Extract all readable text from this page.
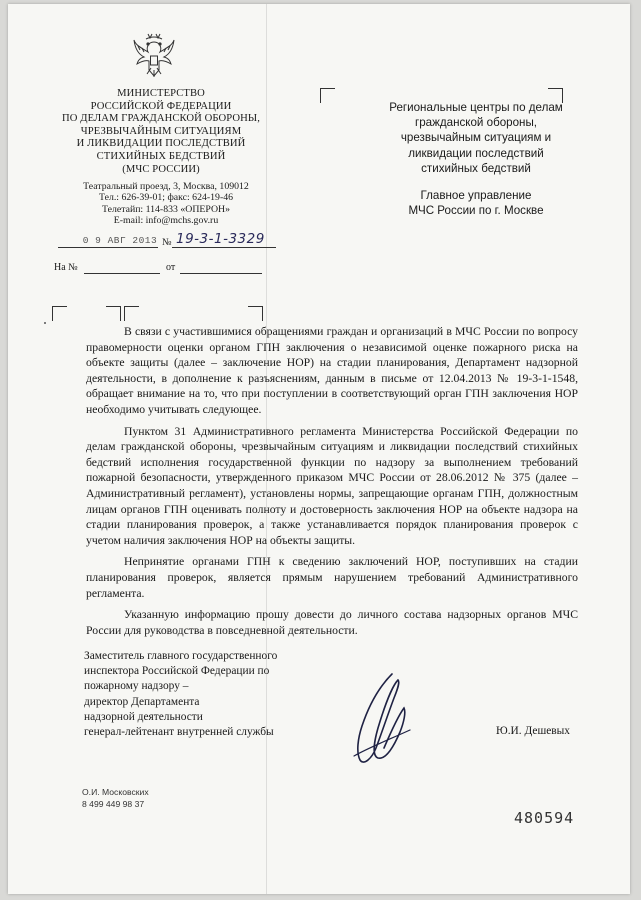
МИНИСТЕРСТВО
РОССИЙСКОЙ ФЕДЕРАЦИИ
ПО ДЕЛАМ ГРАЖДАНСКОЙ ОБОРОНЫ,
ЧРЕЗВЫЧАЙНЫМ СИТУАЦИЯМ
И ЛИКВИДАЦИИ ПОСЛЕДСТВИЙ
СТИХИЙНЫХ БЕДСТВИЙ
(МЧС РОССИИ)
Театральный проезд, 3, Москва, 109012
Тел.: 626-39-01; факс: 624-19-46
Телетайп: 114-833 «ОПЕРОН»
E-mail: info@mchs.gov.ru
0 9 АВГ 2013 № 19-3-1-3329
На №	от
Региональные центры по делам
гражданской обороны,
чрезвычайным ситуациям и
ликвидации последствий
стихийных бедствий
Главное управление
МЧС России по г. Москве

В связи с участившимися обращениями граждан и организаций в МЧС России по вопросу правомерности оценки органом ГПН заключения о независимой оценке пожарного риска на объекте защиты (далее – заключение НОР) на стадии планирования, Департамент надзорной деятельности, в дополнение к разъяснениям, данным в письме от 12.04.2013 № 19-3-1-1548, обращает внимание на то, что при поступлении в соответствующий орган ГПН заключения НОР необходимо учитывать следующее.

Пунктом 31 Административного регламента Министерства Российской Федерации по делам гражданской обороны, чрезвычайным ситуациям и ликвидации последствий стихийных бедствий исполнения государственной функции по надзору за выполнением требований пожарной безопасности, утвержденного приказом МЧС России от 28.06.2012 № 375 (далее – Административный регламент), установлены нормы, запрещающие органам ГПН, должностным лицам органов ГПН оценивать полноту и достоверность заключения НОР на объекте надзора на стадии планирования проверок, а также устанавливается порядок планирования проверок с учетом наличия заключения НОР на объекты защиты.

Непринятие органами ГПН к сведению заключений НОР, поступивших на стадии планирования проверок, является прямым нарушением требований Административного регламента.

Указанную информацию прошу довести до личного состава надзорных органов МЧС России для руководства в повседневной деятельности.

Заместитель главного государственного
инспектора Российской Федерации по
пожарному надзору –
директор Департамента
надзорной деятельности
генерал-лейтенант внутренней службы	Ю.И. Дешевых
О.И. Московских
8 499 449 98 37
480594
